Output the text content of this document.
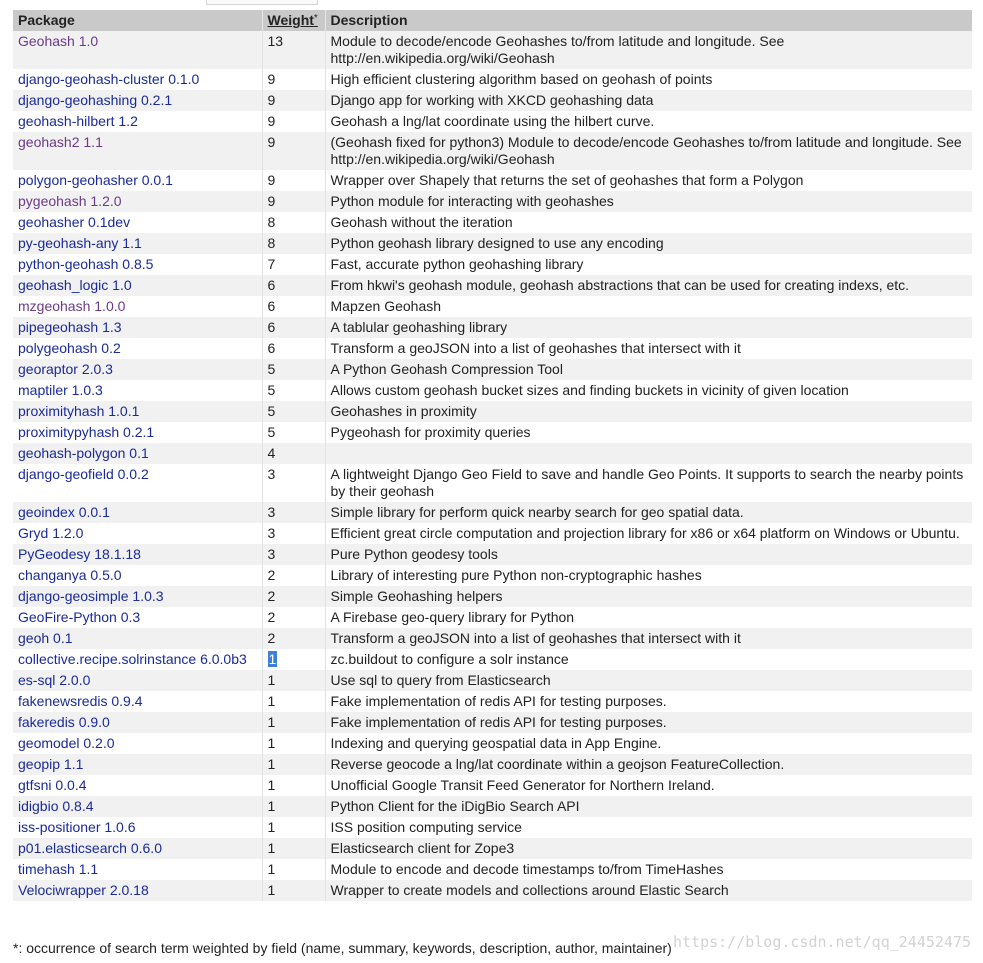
Package	Weight*	Description
Geohash 1.0	13	Module to decode/encode Geohashes to/from latitude and longitude. See http://en.wikipedia.org/wiki/Geohash
django-geohash-cluster 0.1.0	9	High efficient clustering algorithm based on geohash of points
django-geohashing 0.2.1	9	Django app for working with XKCD geohashing data
geohash-hilbert 1.2	9	Geohash a lng/lat coordinate using the hilbert curve.
geohash2 1.1	9	(Geohash fixed for python3) Module to decode/encode Geohashes to/from latitude and longitude. See http://en.wikipedia.org/wiki/Geohash
polygon-geohasher 0.0.1	9	Wrapper over Shapely that returns the set of geohashes that form a Polygon
pygeohash 1.2.0	9	Python module for interacting with geohashes
geohasher 0.1dev	8	Geohash without the iteration
py-geohash-any 1.1	8	Python geohash library designed to use any encoding
python-geohash 0.8.5	7	Fast, accurate python geohashing library
geohash_logic 1.0	6	From hkwi's geohash module, geohash abstractions that can be used for creating indexs, etc.
mzgeohash 1.0.0	6	Mapzen Geohash
pipegeohash 1.3	6	A tablular geohashing library
polygeohash 0.2	6	Transform a geoJSON into a list of geohashes that intersect with it
georaptor 2.0.3	5	A Python Geohash Compression Tool
maptiler 1.0.3	5	Allows custom geohash bucket sizes and finding buckets in vicinity of given location
proximityhash 1.0.1	5	Geohashes in proximity
proximitypyhash 0.2.1	5	Pygeohash for proximity queries
geohash-polygon 0.1	4	
django-geofield 0.0.2	3	A lightweight Django Geo Field to save and handle Geo Points. It supports to search the nearby points by their geohash
geoindex 0.0.1	3	Simple library for perform quick nearby search for geo spatial data.
Gryd 1.2.0	3	Efficient great circle computation and projection library for x86 or x64 platform on Windows or Ubuntu.
PyGeodesy 18.1.18	3	Pure Python geodesy tools
changanya 0.5.0	2	Library of interesting pure Python non-cryptographic hashes
django-geosimple 1.0.3	2	Simple Geohashing helpers
GeoFire-Python 0.3	2	A Firebase geo-query library for Python
geoh 0.1	2	Transform a geoJSON into a list of geohashes that intersect with it
collective.recipe.solrinstance 6.0.0b3	1	zc.buildout to configure a solr instance
es-sql 2.0.0	1	Use sql to query from Elasticsearch
fakenewsredis 0.9.4	1	Fake implementation of redis API for testing purposes.
fakeredis 0.9.0	1	Fake implementation of redis API for testing purposes.
geomodel 0.2.0	1	Indexing and querying geospatial data in App Engine.
geopip 1.1	1	Reverse geocode a lng/lat coordinate within a geojson FeatureCollection.
gtfsni 0.0.4	1	Unofficial Google Transit Feed Generator for Northern Ireland.
idigbio 0.8.4	1	Python Client for the iDigBio Search API
iss-positioner 1.0.6	1	ISS position computing service
p01.elasticsearch 0.6.0	1	Elasticsearch client for Zope3
timehash 1.1	1	Module to encode and decode timestamps to/from TimeHashes
Velociwrapper 2.0.18	1	Wrapper to create models and collections around Elastic Search
*: occurrence of search term weighted by field (name, summary, keywords, description, author, maintainer) https://blog.csdn.net/qq_24452475
